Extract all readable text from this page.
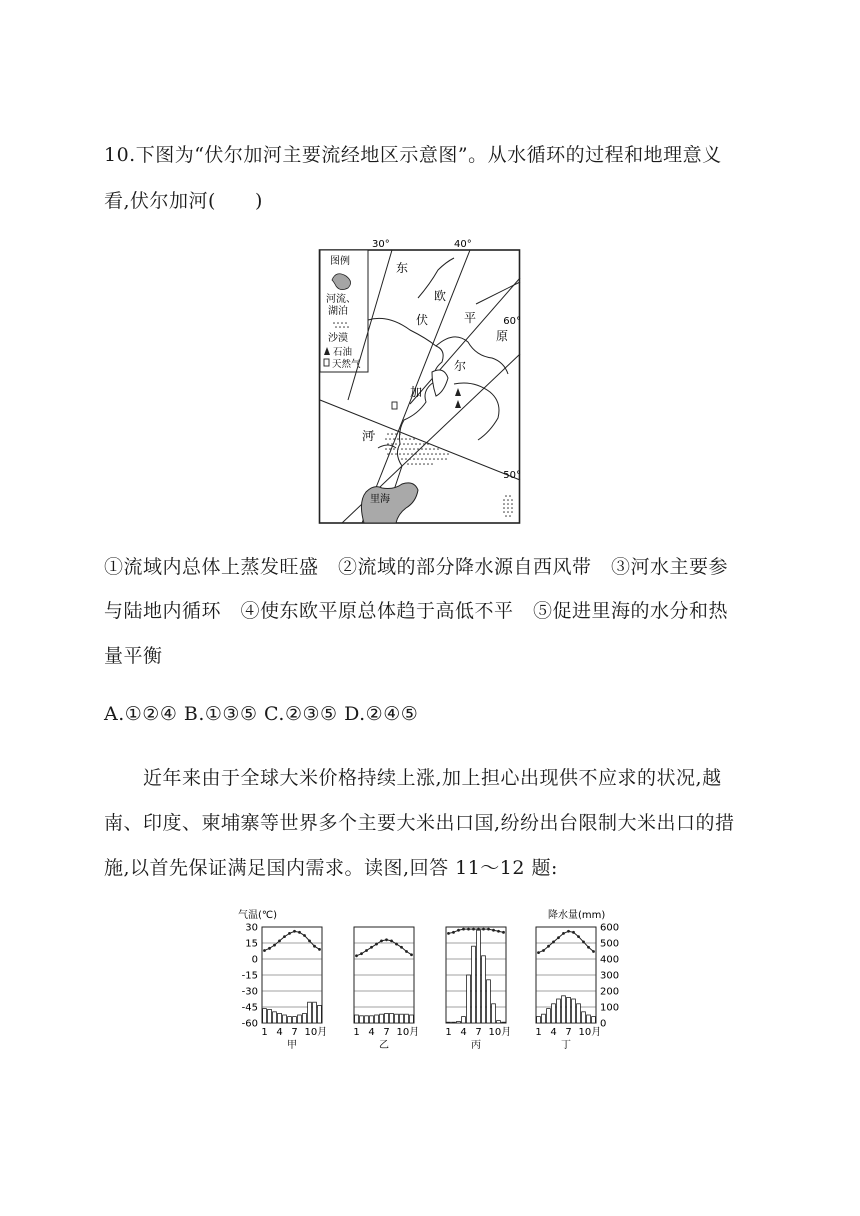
10.下图为“伏尔加河主要流经地区示意图”。从水循环的过程和地理意义
看,伏尔加河(　　)
图例
河流、
湖泊
沙漠
石油
天然气
30°	40°
60°
50°
里海
东
欧
伏	平
原
尔
加
河
①流域内总体上蒸发旺盛　②流域的部分降水源自西风带　③河水主要参
与陆地内循环　④使东欧平原总体趋于高低不平　⑤促进里海的水分和热
量平衡
A.①②④ B.①③⑤ C.②③⑤ D.②④⑤
近年来由于全球大米价格持续上涨,加上担心出现供不应求的状况,越
南、印度、柬埔寨等世界多个主要大米出口国,纷纷出台限制大米出口的措
施,以首先保证满足国内需求。读图,回答 11～12 题:
气温(℃)	降水量(mm)
30
15
0
-15
-30
-45
-60
600
500
400
300
200
100
0
1 4 7 10月
甲
1 4 7 10月
乙
1 4 7 10月
丙
1 4 7 10月
丁
